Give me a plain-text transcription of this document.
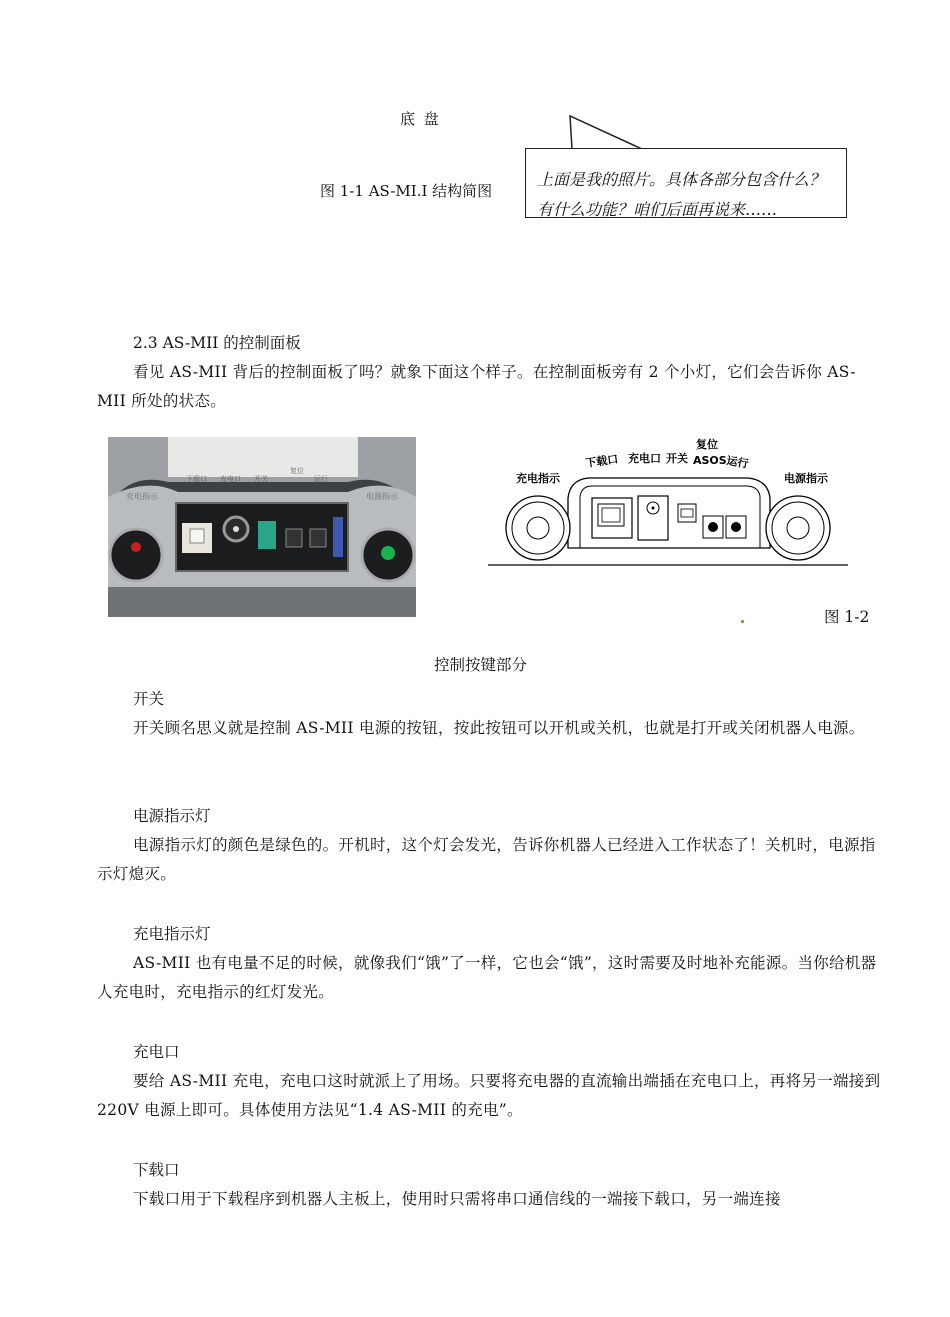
底 盘
图 1-1 AS-MI.I 结构简图
上面是我的照片。具体各部分包含什么？有什么功能？咱们后面再说来……
2.3 AS-MII 的控制面板
看见 AS-MII 背后的控制面板了吗？就象下面这个样子。在控制面板旁有 2 个小灯，它们会告诉你 AS-MII 所处的状态。
充电指示
下载口 充电口 开关
复位
运行
电源指示
充电指示
下载口 充电口 开关
复位
ASOS
运行
电源指示
图 1-2
控制按键部分
开关
开关顾名思义就是控制 AS-MII 电源的按钮，按此按钮可以开机或关机，也就是打开或关闭机器人电源。
电源指示灯
电源指示灯的颜色是绿色的。开机时，这个灯会发光，告诉你机器人已经进入工作状态了！关机时，电源指示灯熄灭。
充电指示灯
AS-MII 也有电量不足的时候，就像我们“饿”了一样，它也会“饿”，这时需要及时地补充能源。当你给机器人充电时，充电指示的红灯发光。
充电口
要给 AS-MII 充电，充电口这时就派上了用场。只要将充电器的直流输出端插在充电口上，再将另一端接到 220V 电源上即可。具体使用方法见“1.4 AS-MII 的充电”。
下载口
下载口用于下载程序到机器人主板上，使用时只需将串口通信线的一端接下载口，另一端连接
